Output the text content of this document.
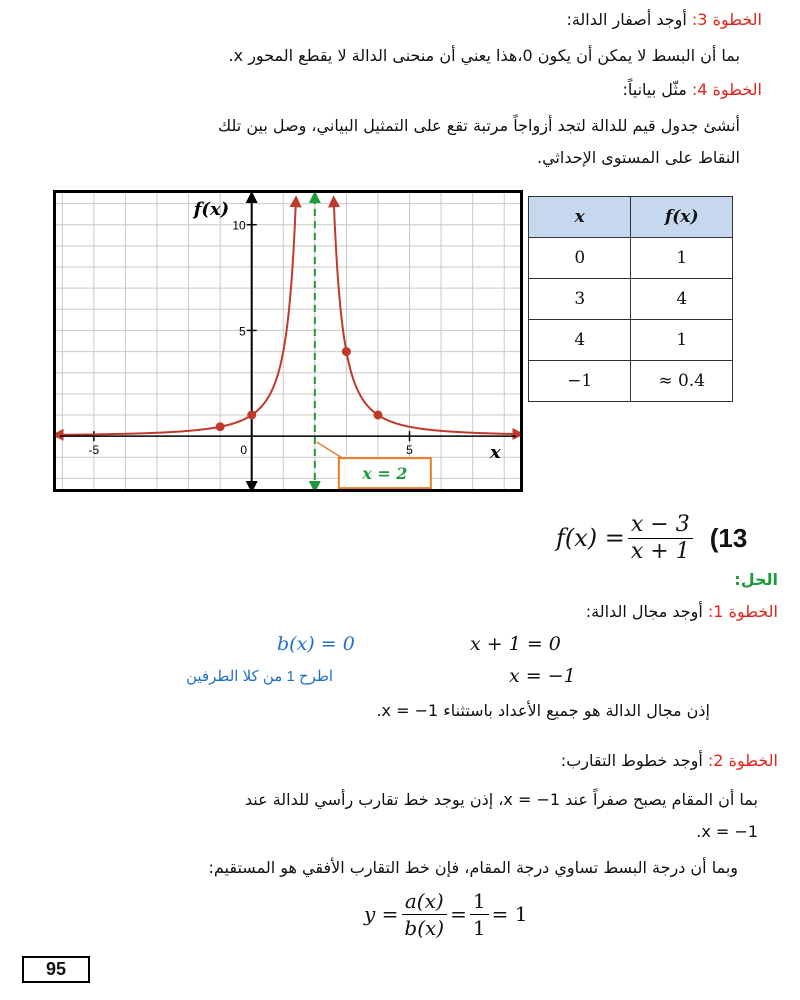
الخطوة 3: أوجد أصفار الدالة:
بما أن البسط لا يمكن أن يكون 0،هذا يعني أن منحنى الدالة لا يقطع المحور x.
الخطوة 4: مثّل بيانياً:
أنشئ جدول قيم للدالة لتجد أزواجاً مرتبة تقع على التمثيل البياني، وصل بين تلك
النقاط على المستوى الإحداثي.
5
10
-5	0	5
f(x)
x
x = 2
x	f(x)
0	1
3	4
4	1
−1	≈ 0.4
$f(x) = \frac{x - 3}{x + 1} (13$
الحل:
الخطوة 1: أوجد مجال الدالة:
x + 1 = 0
b(x) = 0
x = −1
اطرح 1 من كلا الطرفين
إذن مجال الدالة هو جميع الأعداد باستثناء x = −1.
الخطوة 2: أوجد خطوط التقارب:
بما أن المقام يصبح صفراً عند x = −1، إذن يوجد خط تقارب رأسي للدالة عند
.x = −1
وبما أن درجة البسط تساوي درجة المقام، فإن خط التقارب الأفقي هو المستقيم:
$y = \frac{a(x)}{b(x)} = \frac{1}{1} = 1$
95
